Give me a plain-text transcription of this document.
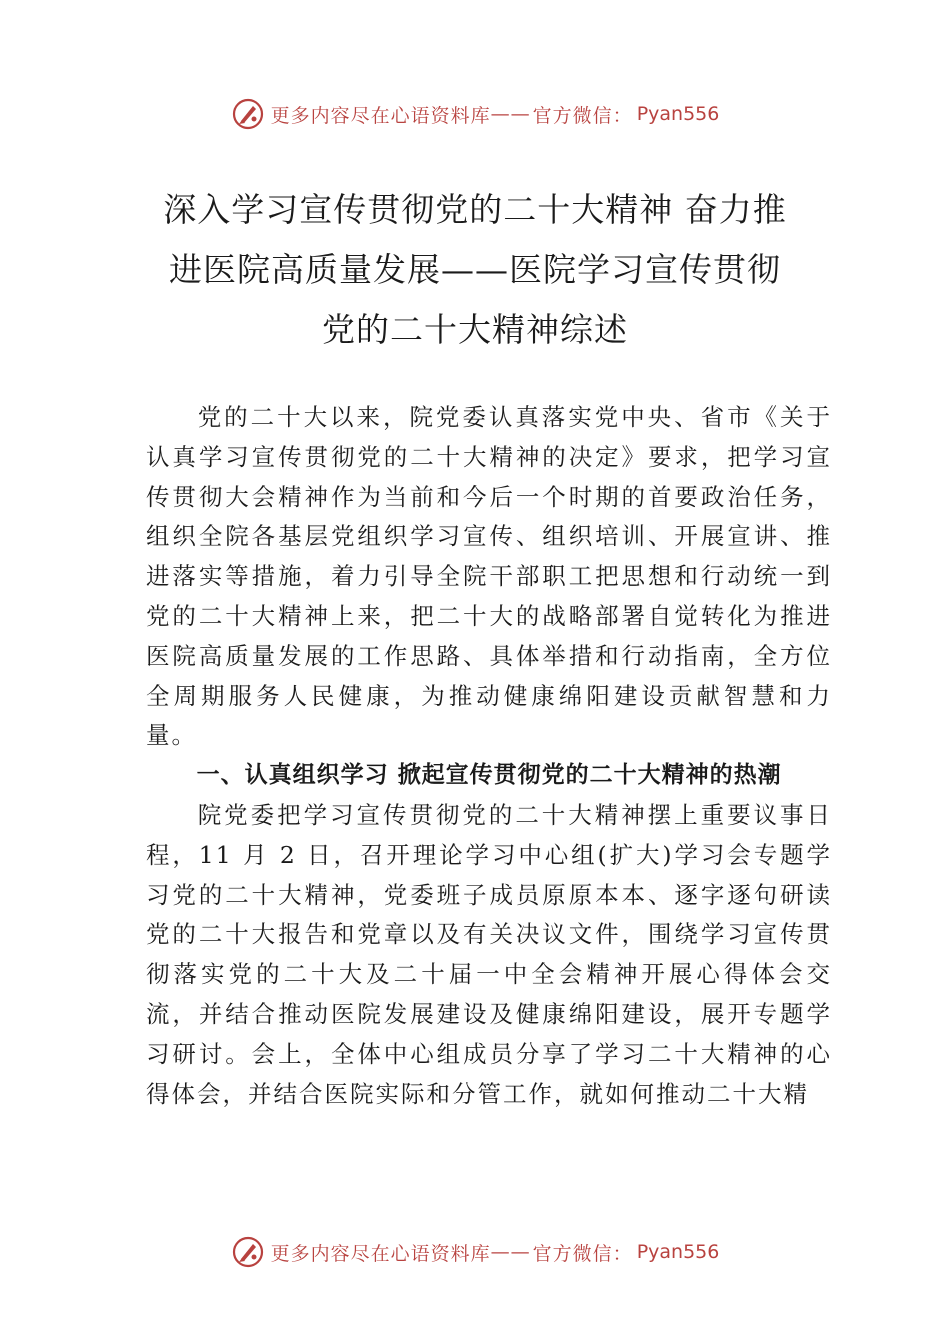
更多内容尽在心语资料库 —— 官方微信： Pyan556
深入学习宣传贯彻党的二十大精神 奋力推
进医院高质量发展——医院学习宣传贯彻
党的二十大精神综述

党的二十大以来，院党委认真落实党中央、省市《关于认真学习宣传贯彻党的二十大精神的决定》要求，把学习宣传贯彻大会精神作为当前和今后一个时期的首要政治任务， 组织全院各基层党组织学习宣传、组织培训、开展宣讲、推进落实等措施，着力引导全院干部职工把思想和行动统一到 党的二十大精神上来，把二十大的战略部署自觉转化为推进 医院高质量发展的工作思路、具体举措和行动指南，全方位 全周期服务人民健康，为推动健康绵阳建设贡献智慧和力量。

一、认真组织学习 掀起宣传贯彻党的二十大精神的热潮

院党委把学习宣传贯彻党的二十大精神摆上重要议事日程，11 月 2 日，召开理论学习中心组(扩大)学习会专题学习党的二十大精神，党委班子成员原原本本、逐字逐句研读党的二十大报告和党章以及有关决议文件，围绕学习宣传贯彻落实党的二十大及二十届一中全会精神开展心得体会交流，并结合推动医院发展建设及健康绵阳建设，展开专题学习研讨。会上，全体中心组成员分享了学习二十大精神的心得体会，并结合医院实际和分管工作，就如何推动二十大精

更多内容尽在心语资料库 —— 官方微信： Pyan556
